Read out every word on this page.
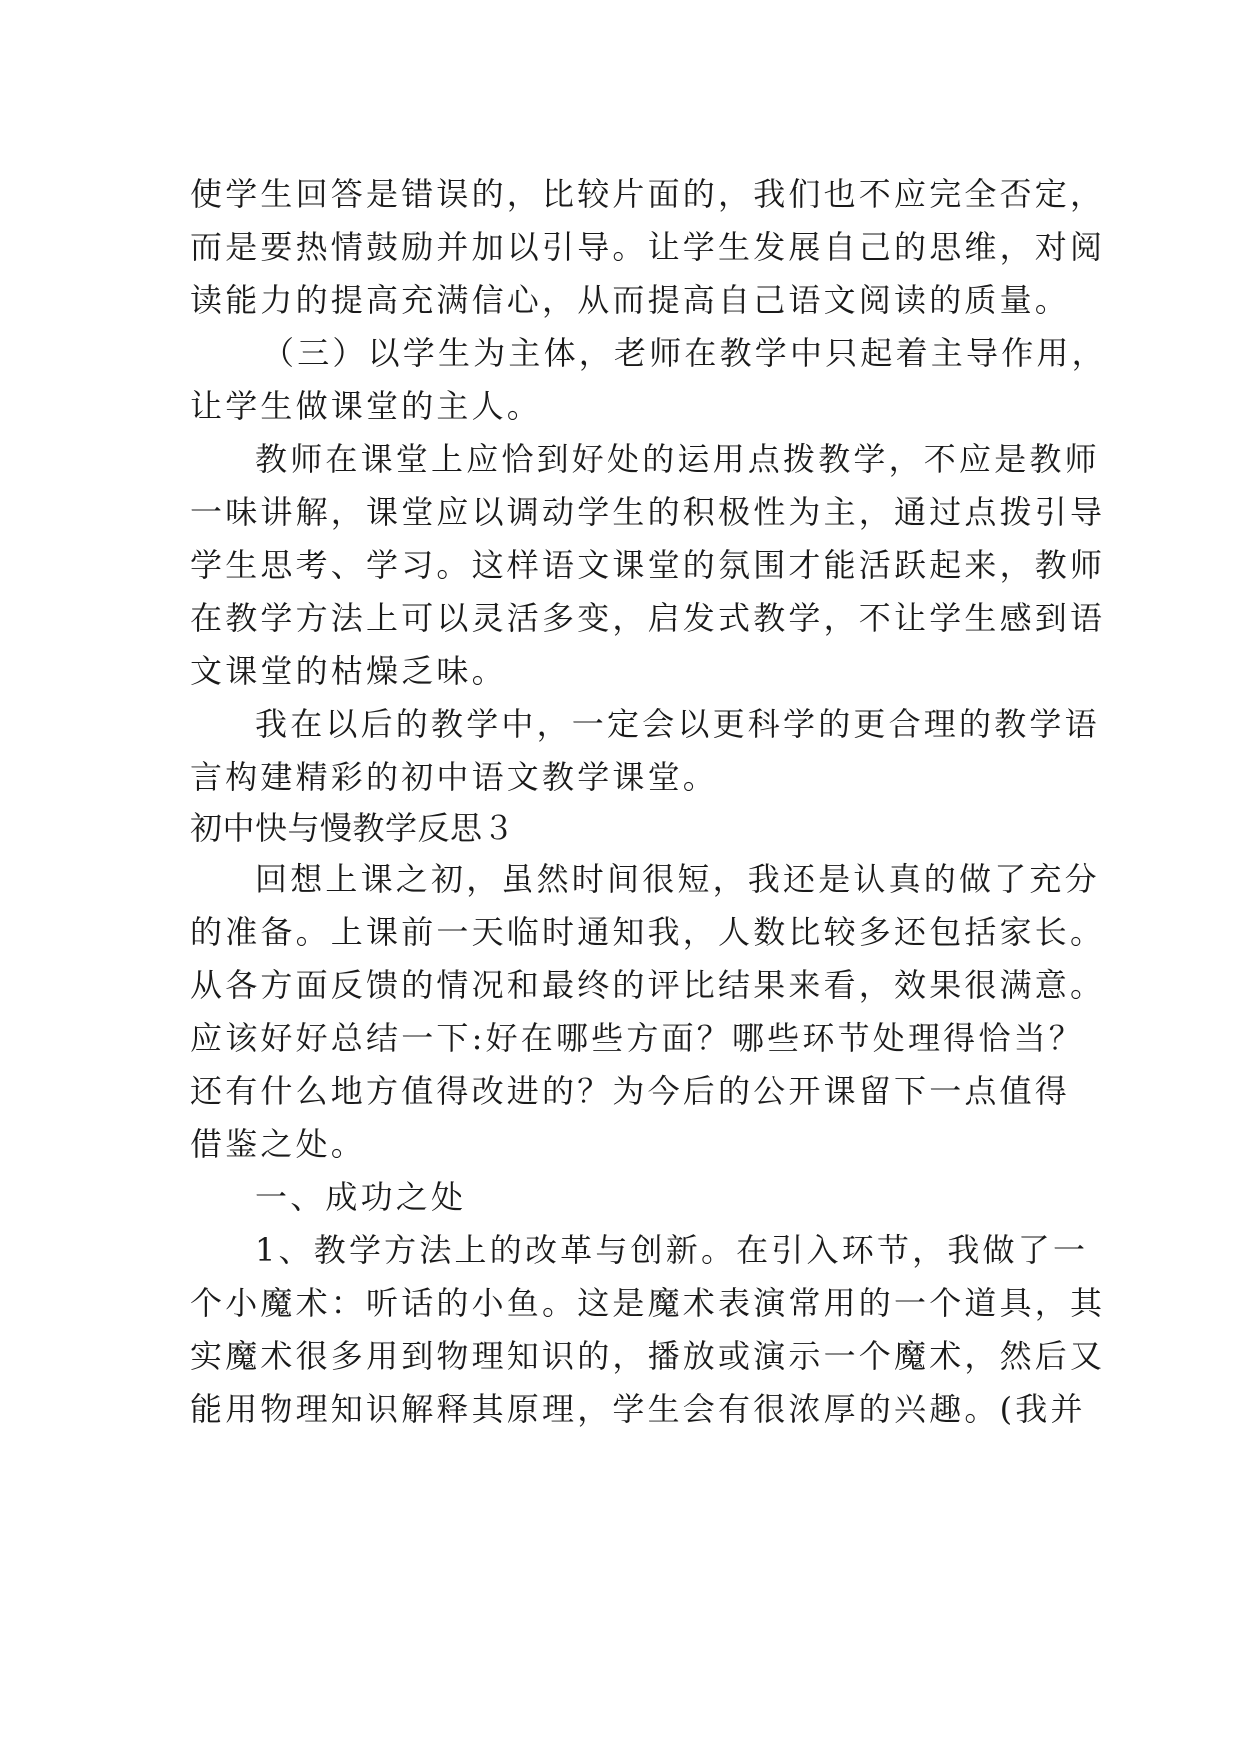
使学生回答是错误的，比较片面的，我们也不应完全否定，

而是要热情鼓励并加以引导。让学生发展自己的思维，对阅

读能力的提高充满信心，从而提高自己语文阅读的质量。

（三）以学生为主体，老师在教学中只起着主导作用，

让学生做课堂的主人。

教师在课堂上应恰到好处的运用点拨教学，不应是教师

一味讲解，课堂应以调动学生的积极性为主，通过点拨引导

学生思考、学习。这样语文课堂的氛围才能活跃起来，教师

在教学方法上可以灵活多变，启发式教学，不让学生感到语

文课堂的枯燥乏味。

我在以后的教学中，一定会以更科学的更合理的教学语

言构建精彩的初中语文教学课堂。

初中快与慢教学反思３

回想上课之初，虽然时间很短，我还是认真的做了充分

的准备。上课前一天临时通知我，人数比较多还包括家长。

从各方面反馈的情况和最终的评比结果来看，效果很满意。

应该好好总结一下:好在哪些方面？哪些环节处理得恰当？

还有什么地方值得改进的？为今后的公开课留下一点值得

借鉴之处。

一、成功之处

1、教学方法上的改革与创新。在引入环节，我做了一

个小魔术：听话的小鱼。这是魔术表演常用的一个道具，其

实魔术很多用到物理知识的，播放或演示一个魔术，然后又

能用物理知识解释其原理，学生会有很浓厚的兴趣。(我并
